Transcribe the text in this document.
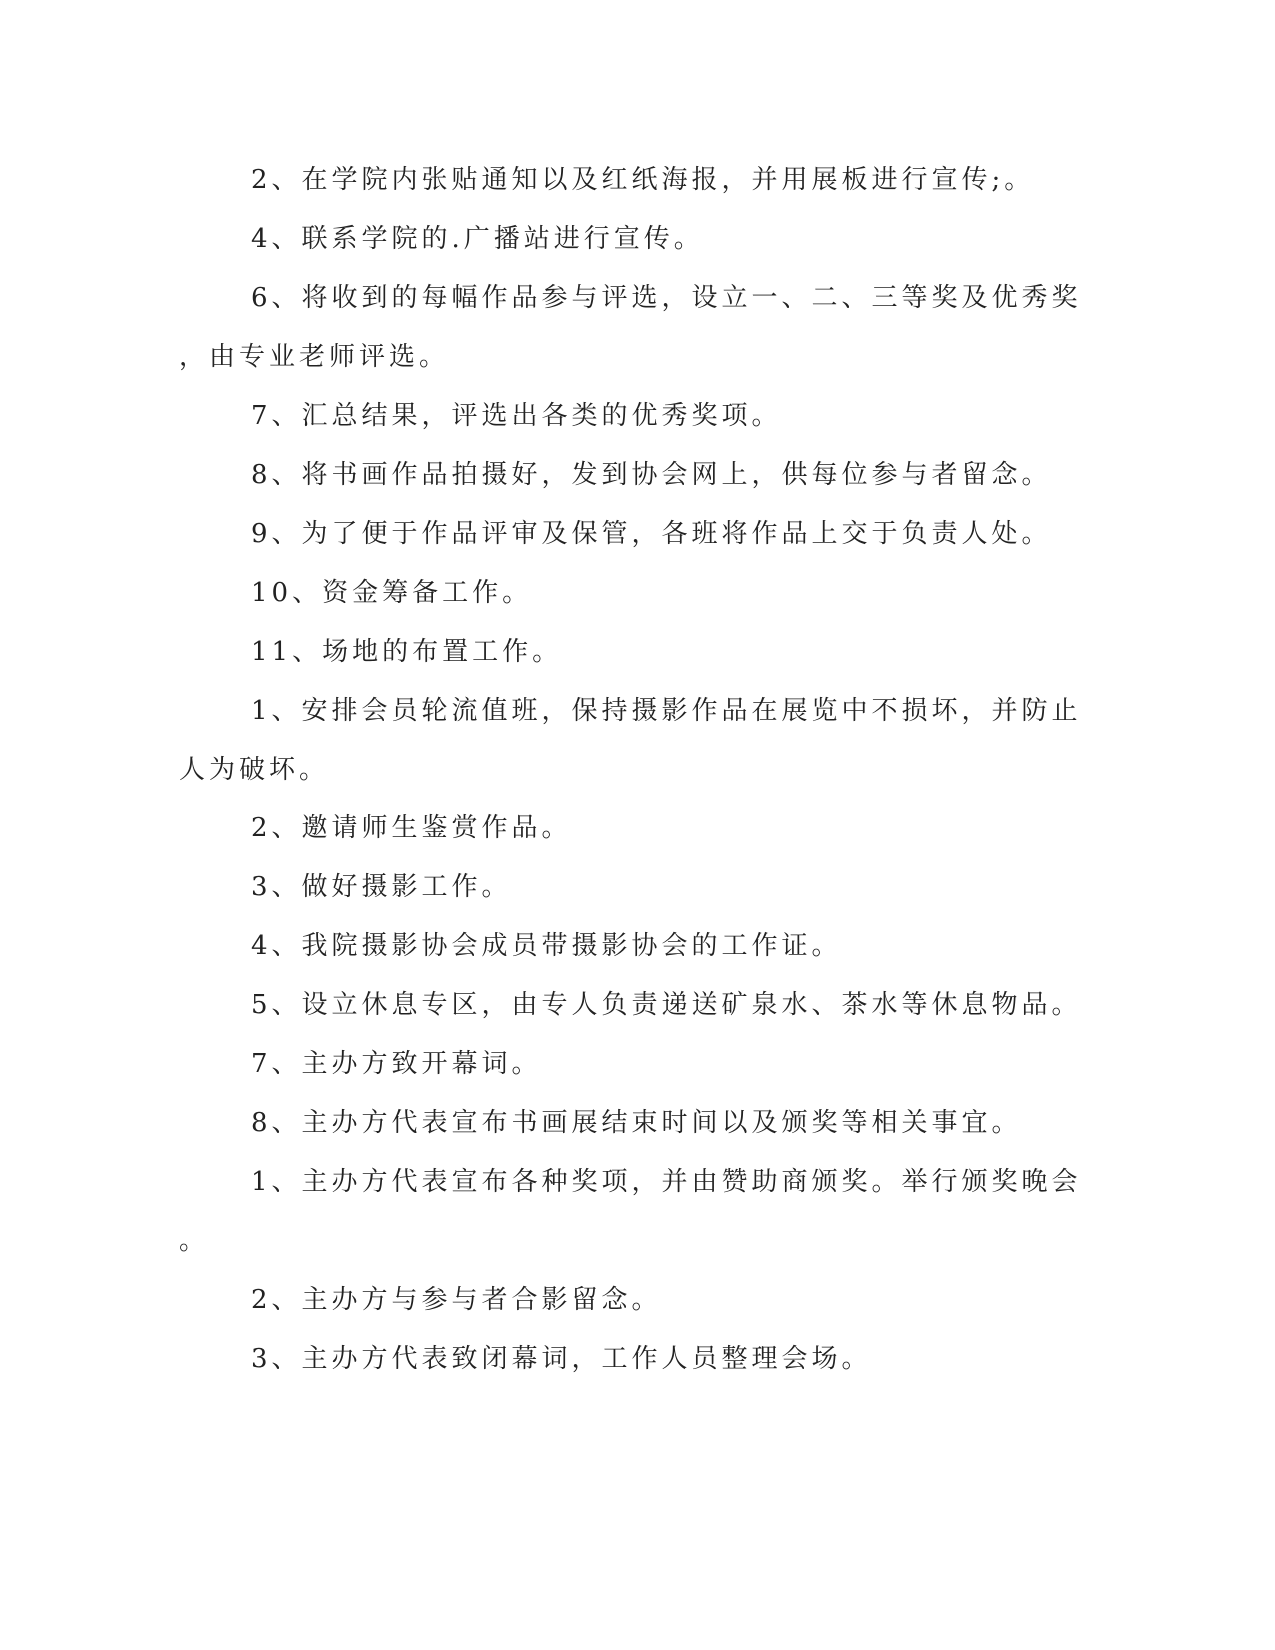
2、在学院内张贴通知以及红纸海报，并用展板进行宣传;。
4、联系学院的.广播站进行宣传。
6、将收到的每幅作品参与评选，设立一、二、三等奖及优秀奖
，由专业老师评选。
7、汇总结果，评选出各类的优秀奖项。
8、将书画作品拍摄好，发到协会网上，供每位参与者留念。
9、为了便于作品评审及保管，各班将作品上交于负责人处。
10、资金筹备工作。
11、场地的布置工作。
1、安排会员轮流值班，保持摄影作品在展览中不损坏，并防止
人为破坏。
2、邀请师生鉴赏作品。
3、做好摄影工作。
4、我院摄影协会成员带摄影协会的工作证。
5、设立休息专区，由专人负责递送矿泉水、茶水等休息物品。
7、主办方致开幕词。
8、主办方代表宣布书画展结束时间以及颁奖等相关事宜。
1、主办方代表宣布各种奖项，并由赞助商颁奖。举行颁奖晚会
。
2、主办方与参与者合影留念。
3、主办方代表致闭幕词，工作人员整理会场。
